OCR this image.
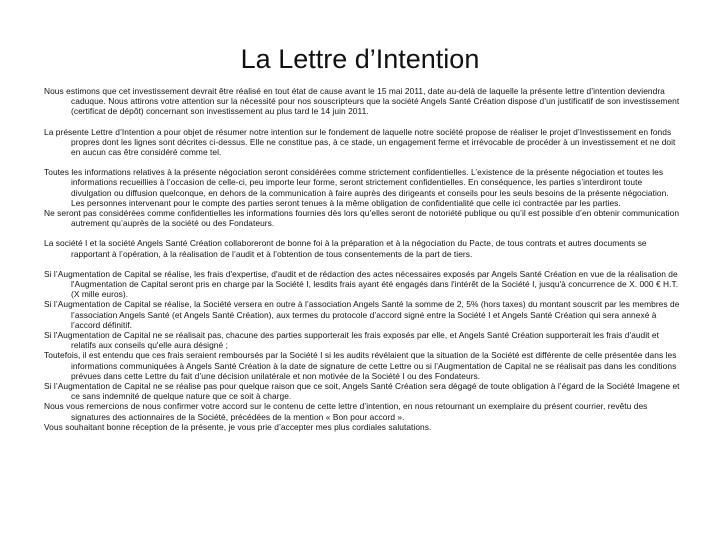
La Lettre d’Intention

Nous estimons que cet investissement devrait être réalisé en tout état de cause avant le 15 mai 2011, date au-delà de laquelle la présente lettre d’intention deviendra caduque. Nous attirons votre attention sur la nécessité pour nos souscripteurs que la société Angels Santé Création dispose d’un justificatif de son investissement (certificat de dépôt) concernant son investissement au plus tard le 14 juin 2011.

La présente Lettre d’Intention a pour objet de résumer notre intention sur le fondement de laquelle notre société propose de réaliser le projet d’Investissement en fonds propres dont les lignes sont décrites ci-dessus. Elle ne constitue pas, à ce stade, un engagement ferme et irrévocable de procéder à un investissement et ne doit en aucun cas être considéré comme tel.

Toutes les informations relatives à la présente négociation seront considérées comme strictement confidentielles. L’existence de la présente négociation et toutes les informations recueillies à l’occasion de celle-ci, peu importe leur forme, seront strictement confidentielles. En conséquence, les parties s’interdiront toute divulgation ou diffusion quelconque, en dehors de la communication à faire auprès des dirigeants et conseils pour les seuls besoins de la présente négociation. Les personnes intervenant pour le compte des parties seront tenues à la même obligation de confidentialité que celle ici contractée par les parties.

Ne seront pas considérées comme confidentielles les informations fournies dès lors qu’elles seront de notoriété publique ou qu’il est possible d’en obtenir communication autrement qu’auprès de la société ou des Fondateurs.

La société I et la société Angels Santé Création collaboreront de bonne foi à la préparation et à la négociation du Pacte, de tous contrats et autres documents se rapportant à l’opération, à la réalisation de l’audit et à l’obtention de tous consentements de la part de tiers.

Si l’Augmentation de Capital se réalise, les frais d'expertise, d'audit et de rédaction des actes nécessaires exposés par Angels Santé Création en vue de la réalisation de l'Augmentation de Capital seront pris en charge par la Société I, lesdits frais ayant été engagés dans l'intérêt de la Société I, jusqu'à concurrence de X. 000 € H.T. (X mille euros).

Si l’Augmentation de Capital se réalise, la Société versera en outre à l’association Angels Santé la somme de 2, 5% (hors taxes) du montant souscrit par les membres de l’association Angels Santé (et Angels Santé Création), aux termes du protocole d’accord signé entre la Société I et Angels Santé Création qui sera annexé à l’accord définitif.

Si l'Augmentation de Capital ne se réalisait pas, chacune des parties supporterait les frais exposés par elle, et Angels Santé Création supporterait les frais d'audit et relatifs aux conseils qu'elle aura désigné ;

Toutefois, il est entendu que ces frais seraient remboursés par la Société I si les audits révélaient que la situation de la Société est différente de celle présentée dans les informations communiquées à Angels Santé Création à la date de signature de cette Lettre ou si l’Augmentation de Capital ne se réalisait pas dans les conditions prévues dans cette Lettre du fait d’une décision unilatérale et non motivée de la Société I ou des Fondateurs.

Si l’Augmentation de Capital ne se réalise pas pour quelque raison que ce soit, Angels Santé Création sera dégagé de toute obligation à l’égard de la Société Imagene et ce sans indemnité de quelque nature que ce soit à charge.

Nous vous remercions de nous confirmer votre accord sur le contenu de cette lettre d’intention, en nous retournant un exemplaire du présent courrier, revêtu des signatures des actionnaires de la Société, précédées de la mention « Bon pour accord ».

Vous souhaitant bonne réception de la présente, je vous prie d’accepter mes plus cordiales salutations.
